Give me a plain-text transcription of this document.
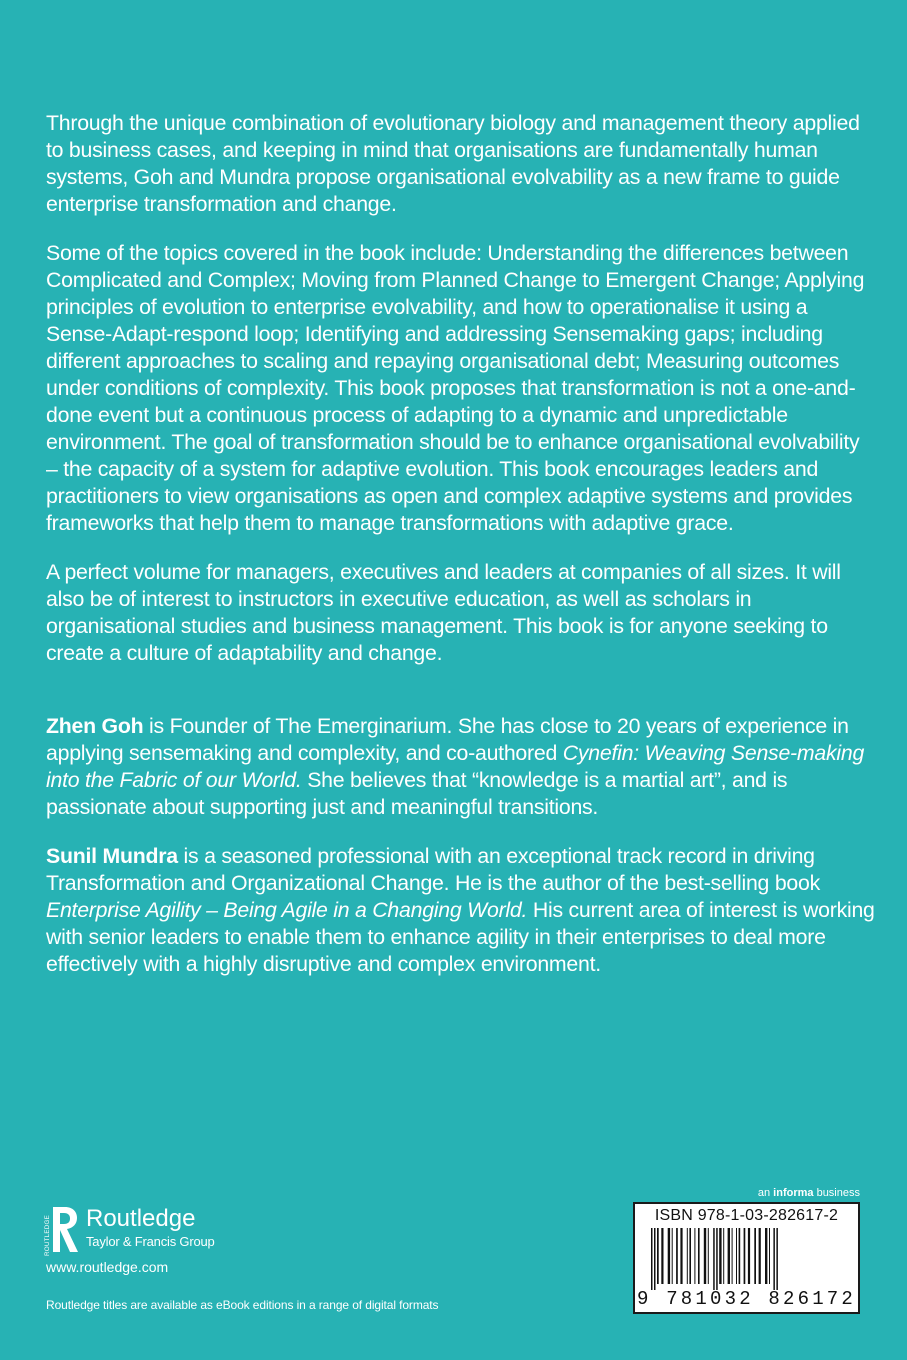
Through the unique combination of evolutionary biology and management theory applied to business cases, and keeping in mind that organisations are fundamentally human systems, Goh and Mundra propose organisational evolvability as a new frame to guide enterprise transformation and change.

Some of the topics covered in the book include: Understanding the differences between Complicated and Complex; Moving from Planned Change to Emergent Change; Applying principles of evolution to enterprise evolvability, and how to operationalise it using a Sense-Adapt-respond loop; Identifying and addressing Sensemaking gaps; including different approaches to scaling and repaying organisational debt; Measuring outcomes under conditions of complexity. This book proposes that transformation is not a one-and- done event but a continuous process of adapting to a dynamic and unpredictable environment. The goal of transformation should be to enhance organisational evolvability – the capacity of a system for adaptive evolution. This book encourages leaders and practitioners to view organisations as open and complex adaptive systems and provides frameworks that help them to manage transformations with adaptive grace.

A perfect volume for managers, executives and leaders at companies of all sizes. It will also be of interest to instructors in executive education, as well as scholars in organisational studies and business management. This book is for anyone seeking to create a culture of adaptability and change.

Zhen Goh is Founder of The Emerginarium. She has close to 20 years of experience in applying sensemaking and complexity, and co-authored Cynefin: Weaving Sense-making into the Fabric of our World. She believes that “knowledge is a martial art”, and is passionate about supporting just and meaningful transitions.

Sunil Mundra is a seasoned professional with an exceptional track record in driving Transformation and Organizational Change. He is the author of the best-selling book Enterprise Agility – Being Agile in a Changing World. His current area of interest is working with senior leaders to enable them to enhance agility in their enterprises to deal more effectively with a highly disruptive and complex environment.

ROUTLEDGE Routledge
Taylor & Francis Group
www.routledge.com
Routledge titles are available as eBook editions in a range of digital formats
an informa business
ISBN 978-1-03-282617-2
9 781032 826172
